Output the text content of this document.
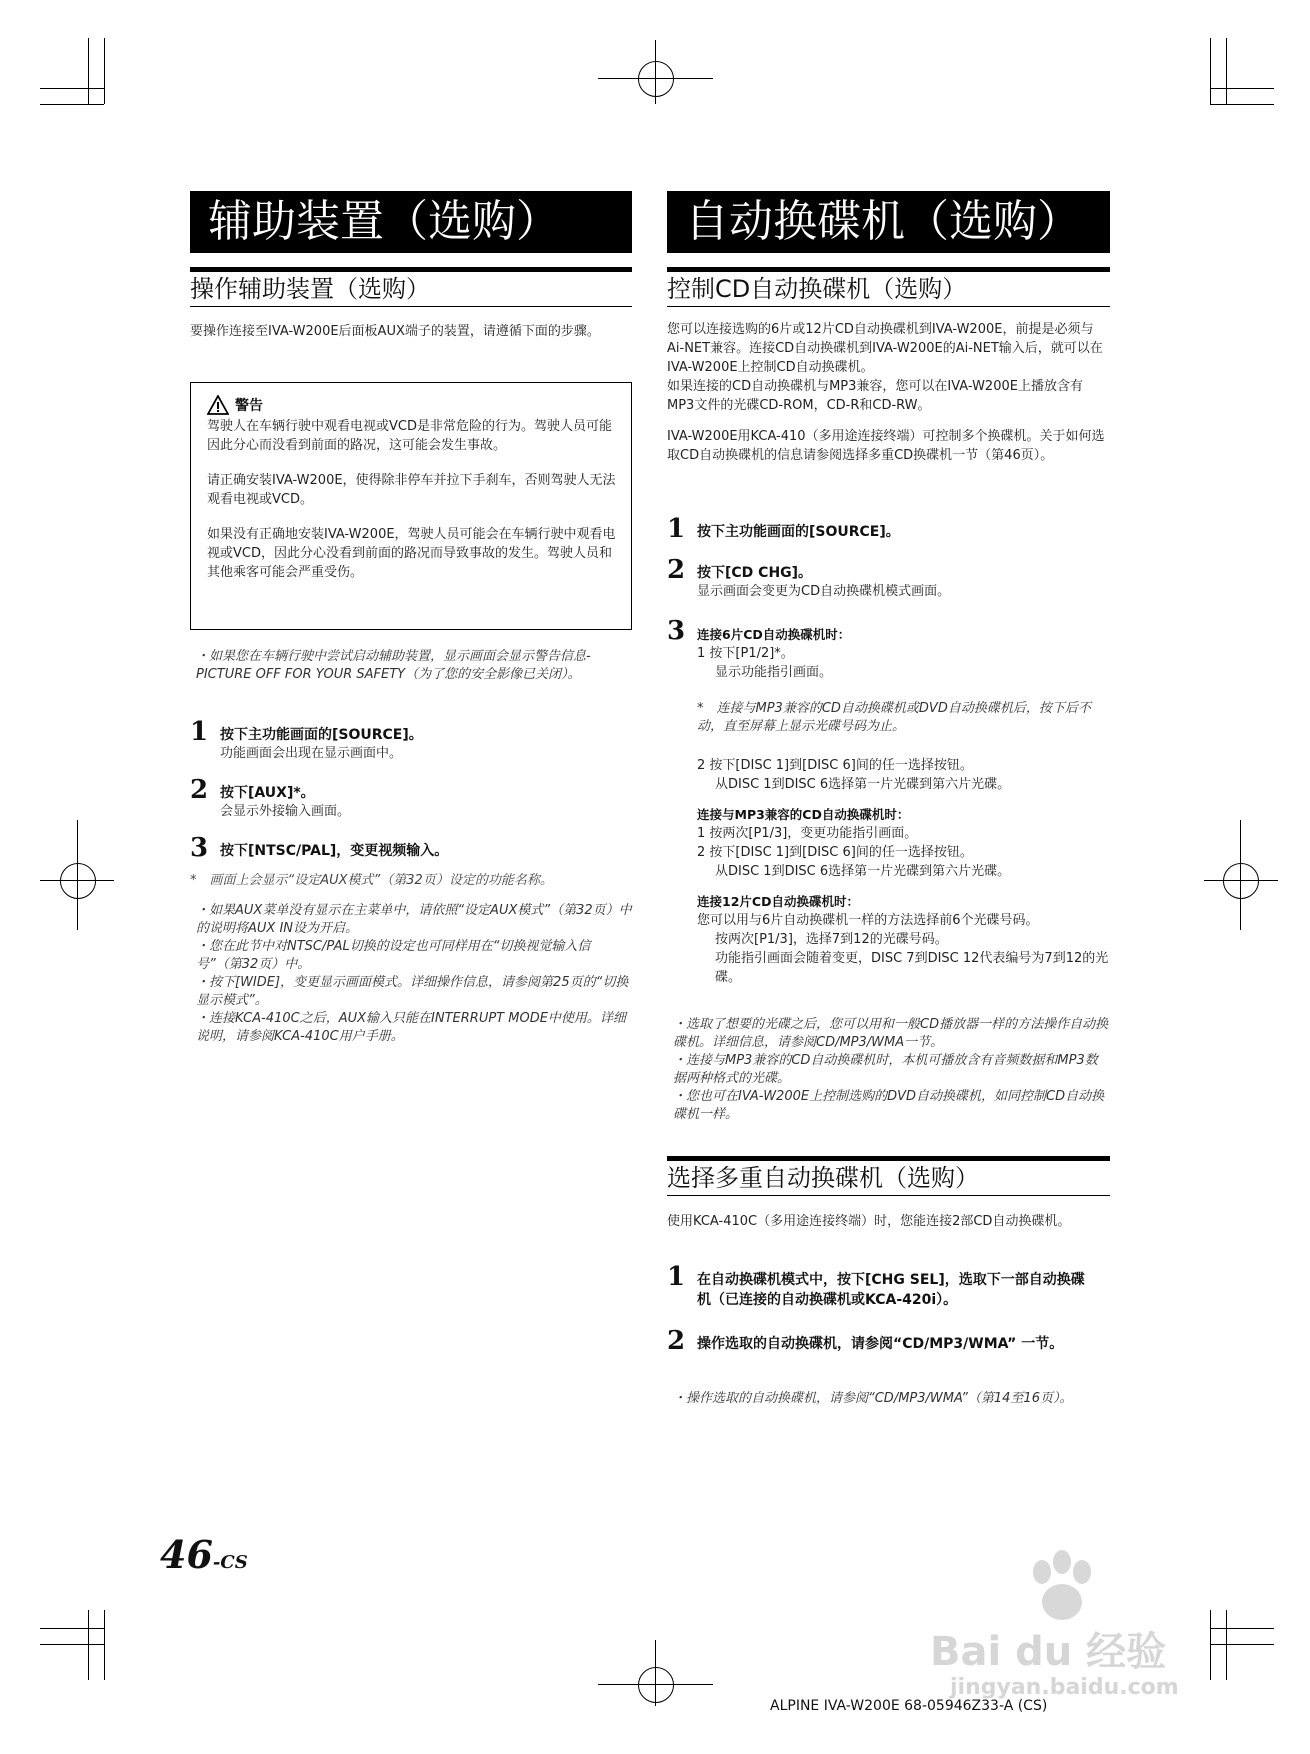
辅助装置（选购）
操作辅助装置（选购）
要操作连接至IVA-W200E后面板AUX端子的装置，请遵循下面的步骤。
警告
驾驶人在车辆行驶中观看电视或VCD是非常危险的行为。驾驶人员可能因此分心而没看到前面的路况，这可能会发生事故。
请正确安装IVA-W200E，使得除非停车并拉下手刹车，否则驾驶人无法观看电视或VCD。
如果没有正确地安装IVA-W200E，驾驶人员可能会在车辆行驶中观看电视或VCD，因此分心没看到前面的路况而导致事故的发生。驾驶人员和其他乘客可能会严重受伤。
・如果您在车辆行驶中尝试启动辅助装置，显示画面会显示警告信息-PICTURE OFF FOR YOUR SAFETY（为了您的安全影像已关闭）。
1 按下主功能画面的[SOURCE]。
功能画面会出现在显示画面中。
2 按下[AUX]*。
会显示外接输入画面。
3 按下[NTSC/PAL]，变更视频输入。
*　画面上会显示“设定AUX模式”（第32页）设定的功能名称。
・如果AUX菜单没有显示在主菜单中，请依照“设定AUX模式”（第32页）中的说明将AUX IN设为开启。
・您在此节中对NTSC/PAL切换的设定也可同样用在“切换视觉输入信号”（第32页）中。
・按下[WIDE]，变更显示画面模式。详细操作信息，请参阅第25页的“切换显示模式”。
・连接KCA-410C之后，AUX输入只能在INTERRUPT MODE中使用。详细说明，请参阅KCA-410C用户手册。
自动换碟机（选购）
控制CD自动换碟机（选购）
您可以连接选购的6片或12片CD自动换碟机到IVA-W200E，前提是必须与Ai-NET兼容。连接CD自动换碟机到IVA-W200E的Ai-NET输入后，就可以在IVA-W200E上控制CD自动换碟机。
如果连接的CD自动换碟机与MP3兼容，您可以在IVA-W200E上播放含有MP3文件的光碟CD-ROM，CD-R和CD-RW。
IVA-W200E用KCA-410（多用途连接终端）可控制多个换碟机。关于如何选取CD自动换碟机的信息请参阅选择多重CD换碟机一节（第46页）。
1 按下主功能画面的[SOURCE]。
2 按下[CD CHG]。
显示画面会变更为CD自动换碟机模式画面。
3 连接6片CD自动换碟机时：
1 按下[P1/2]*。
显示功能指引画面。
*　连接与MP3兼容的CD自动换碟机或DVD自动换碟机后，按下后不动，直至屏幕上显示光碟号码为止。
2 按下[DISC 1]到[DISC 6]间的任一选择按钮。
从DISC 1到DISC 6选择第一片光碟到第六片光碟。
连接与MP3兼容的CD自动换碟机时：
1 按两次[P1/3]，变更功能指引画面。
2 按下[DISC 1]到[DISC 6]间的任一选择按钮。
从DISC 1到DISC 6选择第一片光碟到第六片光碟。
连接12片CD自动换碟机时：
您可以用与6片自动换碟机一样的方法选择前6个光碟号码。
按两次[P1/3]，选择7到12的光碟号码。
功能指引画面会随着变更，DISC 7到DISC 12代表编号为7到12的光碟。
・选取了想要的光碟之后，您可以用和一般CD播放器一样的方法操作自动换碟机。详细信息，请参阅CD/MP3/WMA一节。
・连接与MP3兼容的CD自动换碟机时，本机可播放含有音频数据和MP3数据两种格式的光碟。
・您也可在IVA-W200E上控制选购的DVD自动换碟机，如同控制CD自动换碟机一样。
选择多重自动换碟机（选购）
使用KCA-410C（多用途连接终端）时，您能连接2部CD自动换碟机。
1 在自动换碟机模式中，按下[CHG SEL]，选取下一部自动换碟机（已连接的自动换碟机或KCA-420i）。
2 操作选取的自动换碟机，请参阅“CD/MP3/WMA” 一节。
・操作选取的自动换碟机，请参阅“CD/MP3/WMA”（第14至16页）。
46-CS
ALPINE IVA-W200E 68-05946Z33-A (CS)
Bai du 经验
jingyan.baidu.com
